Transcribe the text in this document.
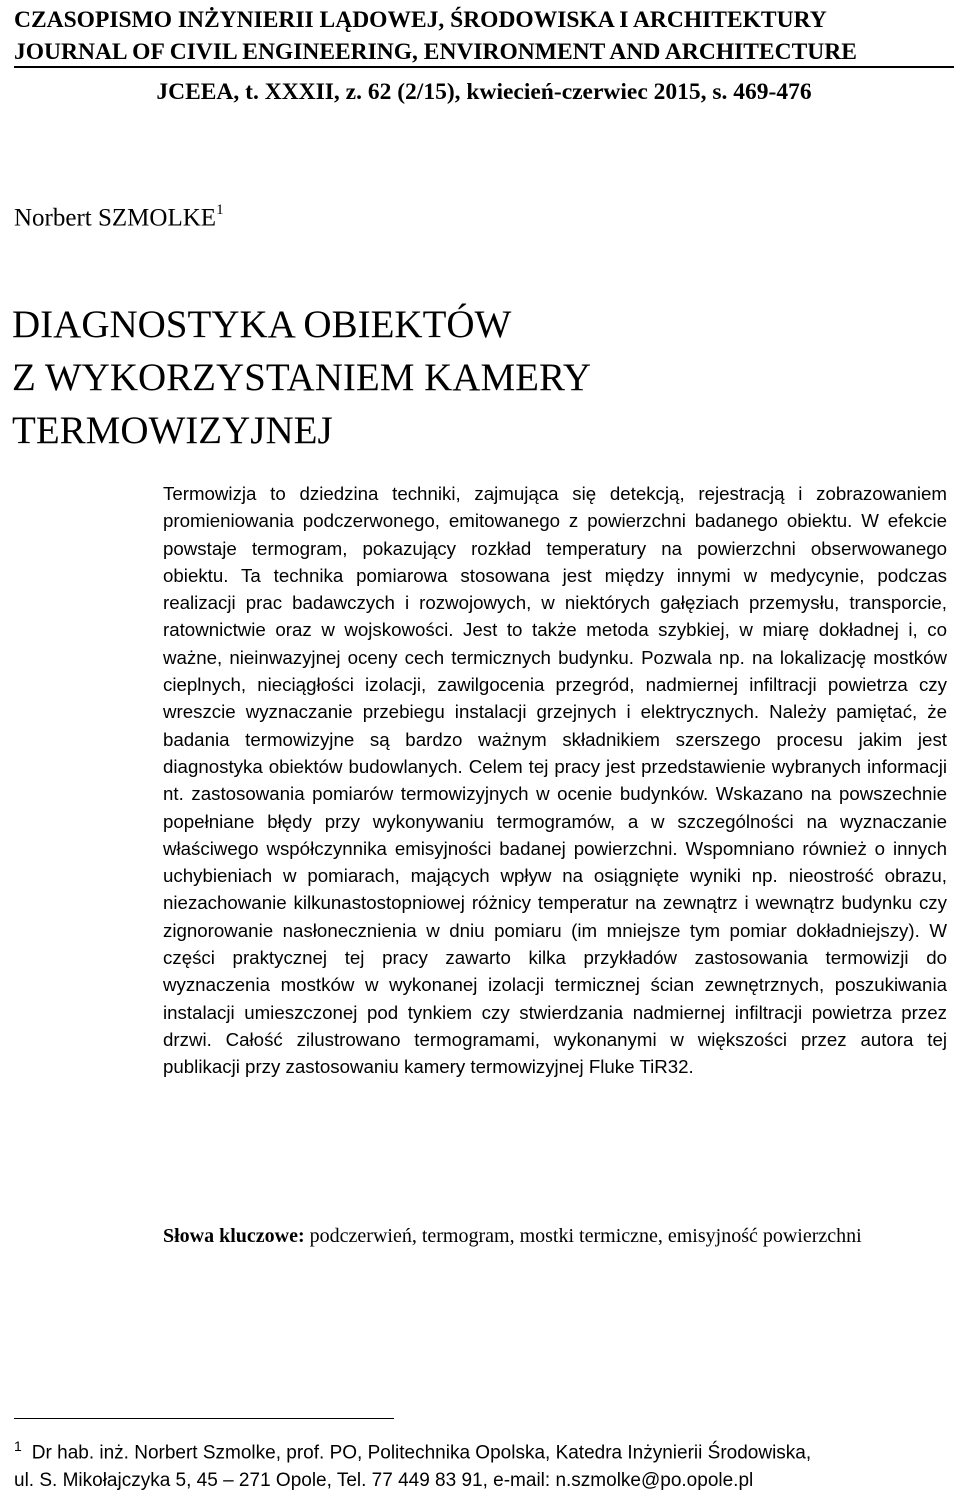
CZASOPISMO INŻYNIERII LĄDOWEJ, ŚRODOWISKA I ARCHITEKTURY
JOURNAL OF CIVIL ENGINEERING, ENVIRONMENT AND ARCHITECTURE
JCEEA, t. XXXII, z. 62 (2/15), kwiecień-czerwiec 2015, s. 469-476
Norbert SZMOLKE$^1$
DIAGNOSTYKA OBIEKTÓW
Z WYKORZYSTANIEM KAMERY
TERMOWIZYJNEJ

Termowizja to dziedzina techniki, zajmująca się detekcją, rejestracją i zobrazowaniem promieniowania podczerwonego, emitowanego z powierzchni badanego obiektu. W efekcie powstaje termogram, pokazujący rozkład temperatury na powierzchni obserwowanego obiektu. Ta technika pomiarowa stosowana jest między innymi w medycynie, podczas realizacji prac badawczych i rozwojowych, w niektórych gałęziach przemysłu, transporcie, ratownictwie oraz w wojskowości. Jest to także metoda szybkiej, w miarę dokładnej i, co ważne, nieinwazyjnej oceny cech termicznych budynku. Pozwala np. na lokalizację mostków cieplnych, nieciągłości izolacji, zawilgocenia przegród, nadmiernej infiltracji powietrza czy wreszcie wyznaczanie przebiegu instalacji grzejnych i elektrycznych. Należy pamiętać, że badania termowizyjne są bardzo ważnym składnikiem szerszego procesu jakim jest diagnostyka obiektów budowlanych. Celem tej pracy jest przedstawienie wybranych informacji nt. zastosowania pomiarów termowizyjnych w ocenie budynków. Wskazano na powszechnie popełniane błędy przy wykonywaniu termogramów, a w szczególności na wyznaczanie właściwego współczynnika emisyjności badanej powierzchni. Wspomniano również o innych uchybieniach w pomiarach, mających wpływ na osiągnięte wyniki np. nieostrość obrazu, niezachowanie kilkunastostopniowej różnicy temperatur na zewnątrz i wewnątrz budynku czy zignorowanie nasłonecznienia w dniu pomiaru (im mniejsze tym pomiar dokładniejszy). W części praktycznej tej pracy zawarto kilka przykładów zastosowania termowizji do wyznaczenia mostków w wykonanej izolacji termicznej ścian zewnętrznych, poszukiwania instalacji umieszczonej pod tynkiem czy stwierdzania nadmiernej infiltracji powietrza przez drzwi. Całość zilustrowano termogramami, wykonanymi w większości przez autora tej publikacji przy zastosowaniu kamery termowizyjnej Fluke TiR32.

Słowa kluczowe: podczerwień, termogram, mostki termiczne, emisyjność powierzchni
$^1$ Dr hab. inż. Norbert Szmolke, prof. PO, Politechnika Opolska, Katedra Inżynierii Środowiska,
ul. S. Mikołajczyka 5, 45 – 271 Opole, Tel. 77 449 83 91, e-mail: n.szmolke@po.opole.pl
